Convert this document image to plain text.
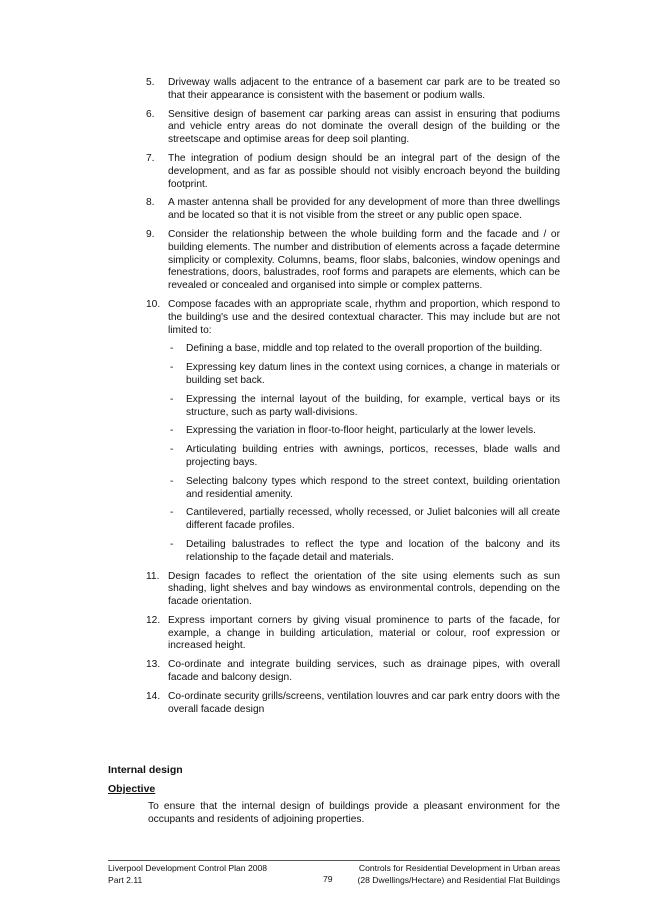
5. Driveway walls adjacent to the entrance of a basement car park are to be treated so that their appearance is consistent with the basement or podium walls.
6. Sensitive design of basement car parking areas can assist in ensuring that podiums and vehicle entry areas do not dominate the overall design of the building or the streetscape and optimise areas for deep soil planting.
7. The integration of podium design should be an integral part of the design of the development, and as far as possible should not visibly encroach beyond the building footprint.
8. A master antenna shall be provided for any development of more than three dwellings and be located so that it is not visible from the street or any public open space.
9. Consider the relationship between the whole building form and the facade and / or building elements. The number and distribution of elements across a façade determine simplicity or complexity. Columns, beams, floor slabs, balconies, window openings and fenestrations, doors, balustrades, roof forms and parapets are elements, which can be revealed or concealed and organised into simple or complex patterns.
10. Compose facades with an appropriate scale, rhythm and proportion, which respond to the building's use and the desired contextual character. This may include but are not limited to:
- Defining a base, middle and top related to the overall proportion of the building.
- Expressing key datum lines in the context using cornices, a change in materials or building set back.
- Expressing the internal layout of the building, for example, vertical bays or its structure, such as party wall-divisions.
- Expressing the variation in floor-to-floor height, particularly at the lower levels.
- Articulating building entries with awnings, porticos, recesses, blade walls and projecting bays.
- Selecting balcony types which respond to the street context, building orientation and residential amenity.
- Cantilevered, partially recessed, wholly recessed, or Juliet balconies will all create different facade profiles.
- Detailing balustrades to reflect the type and location of the balcony and its relationship to the façade detail and materials.
11. Design facades to reflect the orientation of the site using elements such as sun shading, light shelves and bay windows as environmental controls, depending on the facade orientation.
12. Express important corners by giving visual prominence to parts of the facade, for example, a change in building articulation, material or colour, roof expression or increased height.
13. Co-ordinate and integrate building services, such as drainage pipes, with overall facade and balcony design.
14. Co-ordinate security grills/screens, ventilation louvres and car park entry doors with the overall facade design
Internal design
Objective
To ensure that the internal design of buildings provide a pleasant environment for the occupants and residents of adjoining properties.
Liverpool Development Control Plan 2008
Part 2.11	79
Controls for Residential Development in Urban areas
(28 Dwellings/Hectare) and Residential Flat Buildings
